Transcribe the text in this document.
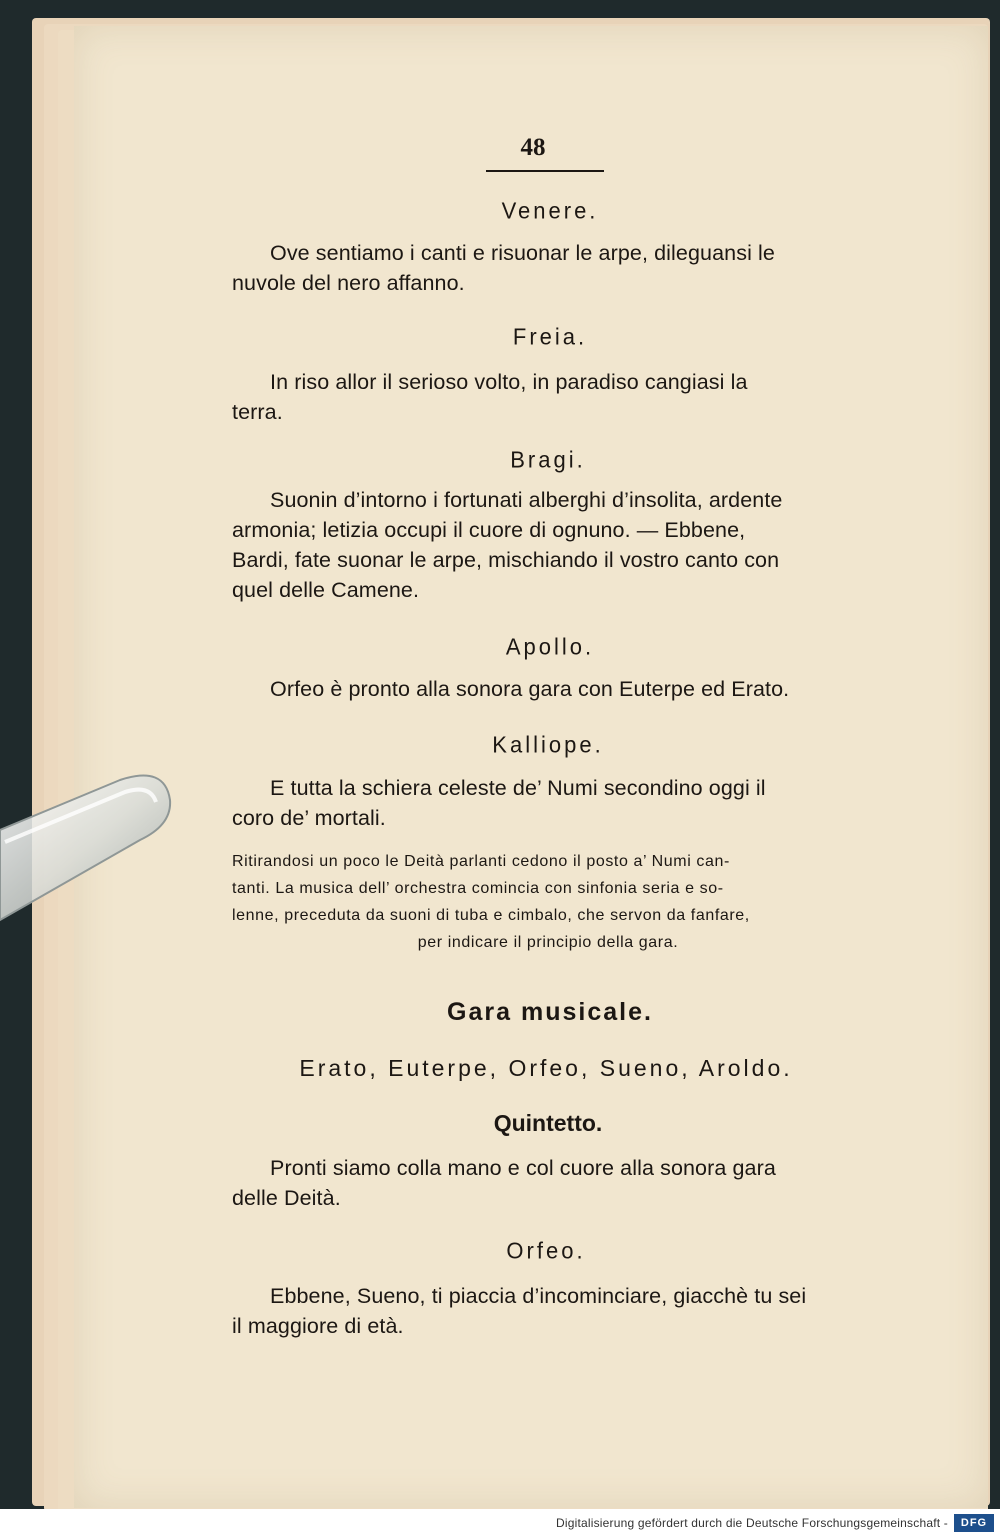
48
Venere.
Ove sentiamo i canti e risuonar le arpe, dileguansi le
nuvole del nero affanno.
Freia.
In riso allor il serioso volto, in paradiso cangiasi la
terra.
Bragi.
Suonin d’intorno i fortunati alberghi d’insolita, ardente
armonia; letizia occupi il cuore di ognuno. — Ebbene,
Bardi, fate suonar le arpe, mischiando il vostro canto con
quel delle Camene.
Apollo.
Orfeo è pronto alla sonora gara con Euterpe ed Erato.
Kalliope.
E tutta la schiera celeste de’ Numi secondino oggi il
coro de’ mortali.
Ritirandosi un poco le Deità parlanti cedono il posto a’ Numi can-
tanti. La musica dell’ orchestra comincia con sinfonia seria e so-
lenne, preceduta da suoni di tuba e cimbalo, che servon da fanfare,
per indicare il principio della gara.
Gara musicale.
Erato, Euterpe, Orfeo, Sueno, Aroldo.
Quintetto.
Pronti siamo colla mano e col cuore alla sonora gara
delle Deità.
Orfeo.
Ebbene, Sueno, ti piaccia d’incominciare, giacchè tu sei
il maggiore di età.
Digitalisierung gefördert durch die Deutsche Forschungsgemeinschaft -	DFG
